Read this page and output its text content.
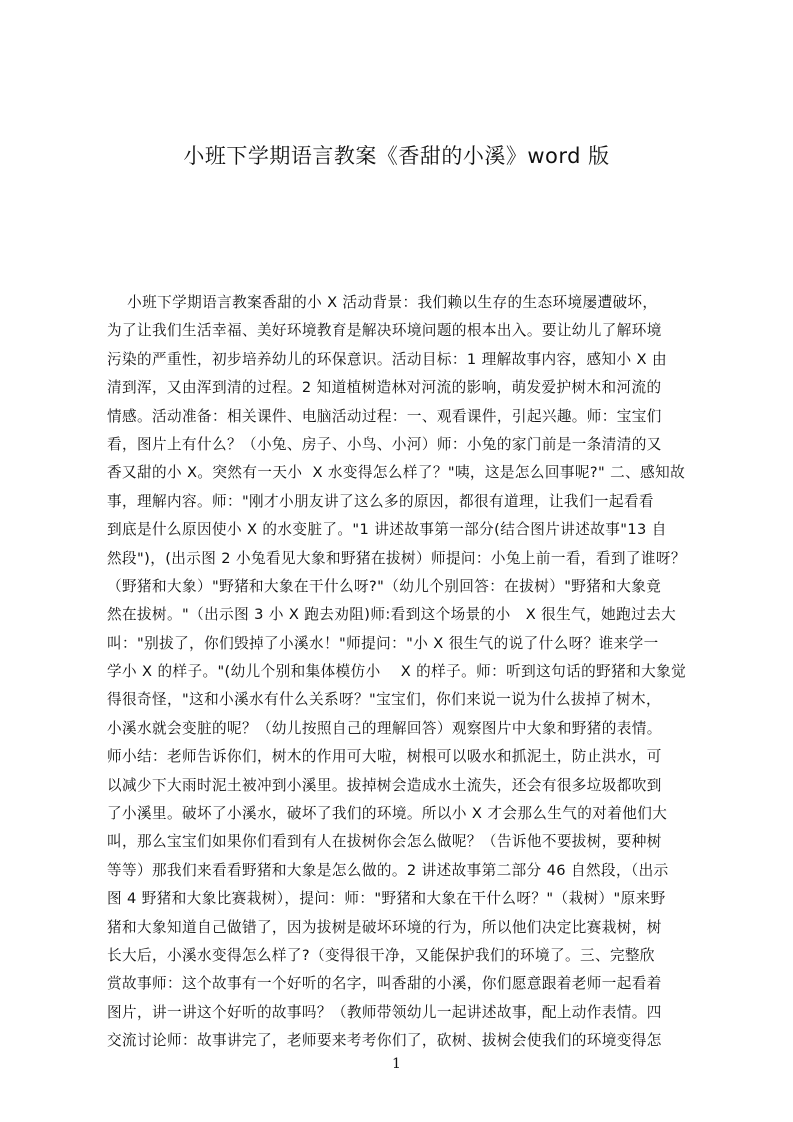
小班下学期语言教案《香甜的小溪》word 版
小班下学期语言教案香甜的小 X 活动背景：我们赖以生存的生态环境屡遭破坏，
为了让我们生活幸福、美好环境教育是解决环境问题的根本出入。要让幼儿了解环境
污染的严重性，初步培养幼儿的环保意识。活动目标：1 理解故事内容，感知小 X 由
清到浑，又由浑到清的过程。2 知道植树造林对河流的影响，萌发爱护树木和河流的
情感。活动准备：相关课件、电脑活动过程：一、观看课件，引起兴趣。师：宝宝们
看，图片上有什么？（小兔、房子、小鸟、小河）师：小兔的家门前是一条清清的又
香又甜的小 X。突然有一天小  X 水变得怎么样了？"咦，这是怎么回事呢?" 二、感知故
事，理解内容。师："刚才小朋友讲了这么多的原因，都很有道理，让我们一起看看
到底是什么原因使小 X 的水变脏了。"1 讲述故事第一部分(结合图片讲述故事"13 自
然段")，(出示图 2 小兔看见大象和野猪在拔树）师提问：小兔上前一看，看到了谁呀？
（野猪和大象）"野猪和大象在干什么呀?"（幼儿个别回答：在拔树）"野猪和大象竟
然在拔树。"（出示图 3 小 X 跑去劝阻)师:看到这个场景的小   X 很生气，她跑过去大
叫："别拔了，你们毁掉了小溪水！"师提问："小 X 很生气的说了什么呀？谁来学一
学小 X 的样子。"(幼儿个别和集体模仿小    X 的样子。师：听到这句话的野猪和大象觉
得很奇怪，"这和小溪水有什么关系呀？"宝宝们，你们来说一说为什么拔掉了树木，
小溪水就会变脏的呢？（幼儿按照自己的理解回答）观察图片中大象和野猪的表情。
师小结：老师告诉你们，树木的作用可大啦，树根可以吸水和抓泥土，防止洪水，可
以减少下大雨时泥土被冲到小溪里。拔掉树会造成水土流失，还会有很多垃圾都吹到
了小溪里。破坏了小溪水，破坏了我们的环境。所以小 X 才会那么生气的对着他们大
叫，那么宝宝们如果你们看到有人在拔树你会怎么做呢？（告诉他不要拔树，要种树
等等）那我们来看看野猪和大象是怎么做的。2 讲述故事第二部分 46 自然段，（出示
图 4 野猪和大象比赛栽树），提问：师："野猪和大象在干什么呀？"（栽树）"原来野
猪和大象知道自己做错了，因为拔树是破坏环境的行为，所以他们决定比赛栽树，树
长大后，小溪水变得怎么样了?（变得很干净，又能保护我们的环境了。三、完整欣
赏故事师：这个故事有一个好听的名字，叫香甜的小溪，你们愿意跟着老师一起看着
图片，讲一讲这个好听的故事吗？（教师带领幼儿一起讲述故事，配上动作表情。四
交流讨论师：故事讲完了，老师要来考考你们了，砍树、拔树会使我们的环境变得怎
1
